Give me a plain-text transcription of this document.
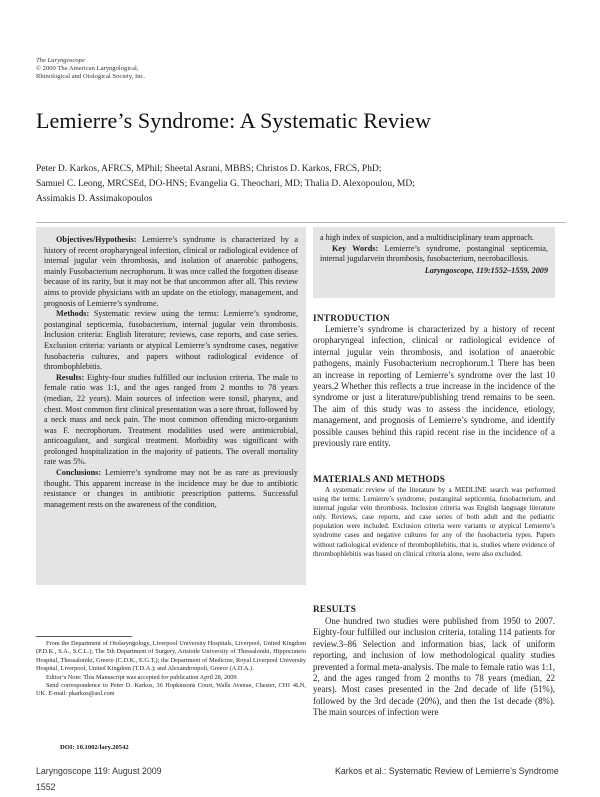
The Laryngoscope
© 2009 The American Laryngological,
Rhinological and Otological Society, Inc.
Lemierre’s Syndrome: A Systematic Review
Peter D. Karkos, AFRCS, MPhil; Sheetal Asrani, MBBS; Christos D. Karkos, FRCS, PhD;
Samuel C. Leong, MRCSEd, DO-HNS; Evangelia G. Theochari, MD; Thalia D. Alexopoulou, MD;
Assimakis D. Assimakopoulos

Objectives/Hypothesis: Lemierre’s syndrome is characterized by a history of recent oropharyngeal infection, clinical or radiological evidence of internal jugular vein thrombosis, and isolation of anaerobic pathogens, mainly Fusobacterium necrophorum. It was once called the forgotten disease because of its rarity, but it may not be that uncommon after all. This review aims to provide physicians with an update on the etiology, management, and prognosis of Lemierre’s syndrome.

Methods: Systematic review using the terms: Lemierre’s syndrome, postanginal septicemia, fusobacterium, internal jugular vein thrombosis. Inclusion criteria: English literature; reviews, case reports, and case series. Exclusion criteria: variants or atypical Lemierre’s syndrome cases, negative fusobacteria cultures, and papers without radiological evidence of thrombophlebitis.

Results: Eighty-four studies fulfilled our inclusion criteria. The male to female ratio was 1:1, and the ages ranged from 2 months to 78 years (median, 22 years). Main sources of infection were tonsil, pharynx, and chest. Most common first clinical presentation was a sore throat, followed by a neck mass and neck pain. The most common offending micro-organism was F. necrophorum. Treatment modalities used were antimicrobial, anticoagulant, and surgical treatment. Morbidity was significant with prolonged hospitalization in the majority of patients. The overall mortality rate was 5%.

Conclusions: Lemierre’s syndrome may not be as rare as previously thought. This apparent increase in the incidence may be due to antibiotic resistance or changes in antibiotic prescription patterns. Successful management rests on the awareness of the condition,

a high index of suspicion, and a multidisciplinary team approach.

Key Words: Lemierre’s syndrome, postanginal septicemia, internal jugularvein thrombosis, fusobacterium, necrobacillosis.

Laryngoscope, 119:1552–1559, 2009

INTRODUCTION

Lemierre’s syndrome is characterized by a history of recent oropharyngeal infection, clinical or radiological evidence of internal jugular vein thrombosis, and isolation of anaerobic pathogens, mainly Fusobacterium necrophorum.1 There has been an increase in reporting of Lemierre’s syndrome over the last 10 years.2 Whether this reflects a true increase in the incidence of the syndrome or just a literature/publishing trend remains to be seen. The aim of this study was to assess the incidence, etiology, management, and prognosis of Lemierre’s syndrome, and identify possible causes behind this rapid recent rise in the incidence of a previously rare entity.

MATERIALS AND METHODS

A systematic review of the literature by a MEDLINE search was performed using the terms: Lemierre’s syndrome, postanginal septicemia, fusobacterium, and internal jugular vein thrombosis. Inclusion criteria was English language literature only. Reviews, case reports, and case series of both adult and the pediatric population were included. Exclusion criteria were variants or atypical Lemierre’s syndrome cases and negative cultures for any of the fusobacteria types. Papers without radiological evidence of thrombophlebitis, that is, studies where evidence of thrombophlebitis was based on clinical criteria alone, were also excluded.

RESULTS

One hundred two studies were published from 1950 to 2007. Eighty-four fulfilled our inclusion criteria, totaling 114 patients for review.3–86 Selection and information bias, lack of uniform reporting, and inclusion of low methodological quality studies prevented a formal meta-analysis. The male to female ratio was 1:1, 2, and the ages ranged from 2 months to 78 years (median, 22 years). Most cases presented in the 2nd decade of life (51%), followed by the 3rd decade (20%), and then the 1st decade (8%). The main sources of infection were

From the Department of Otolaryngology, Liverpool University Hospitals, Liverpool, United Kingdom (P.D.K., S.A., S.C.L.); The 5th Department of Surgery, Aristotle University of Thessaloniki, Hippocrateio Hospital, Thessaloniki, Greece (C.D.K., E.G.T.); the Department of Medicine, Royal Liverpool University Hospital, Liverpool, United Kingdom (T.D.A.); and Alexandroupoli, Greece (A.D.A.).

Editor’s Note: This Manuscript was accepted for publication April 28, 2009.

Send correspondence to Peter D. Karkos, 36 Hopkinsons Court, Walls Avenue, Chester, CH1 4LN, UK. E-mail: pkarkos@aol.com

DOI: 10.1002/lary.20542
Laryngoscope 119: August 2009
1552
Karkos et al.: Systematic Review of Lemierre’s Syndrome
